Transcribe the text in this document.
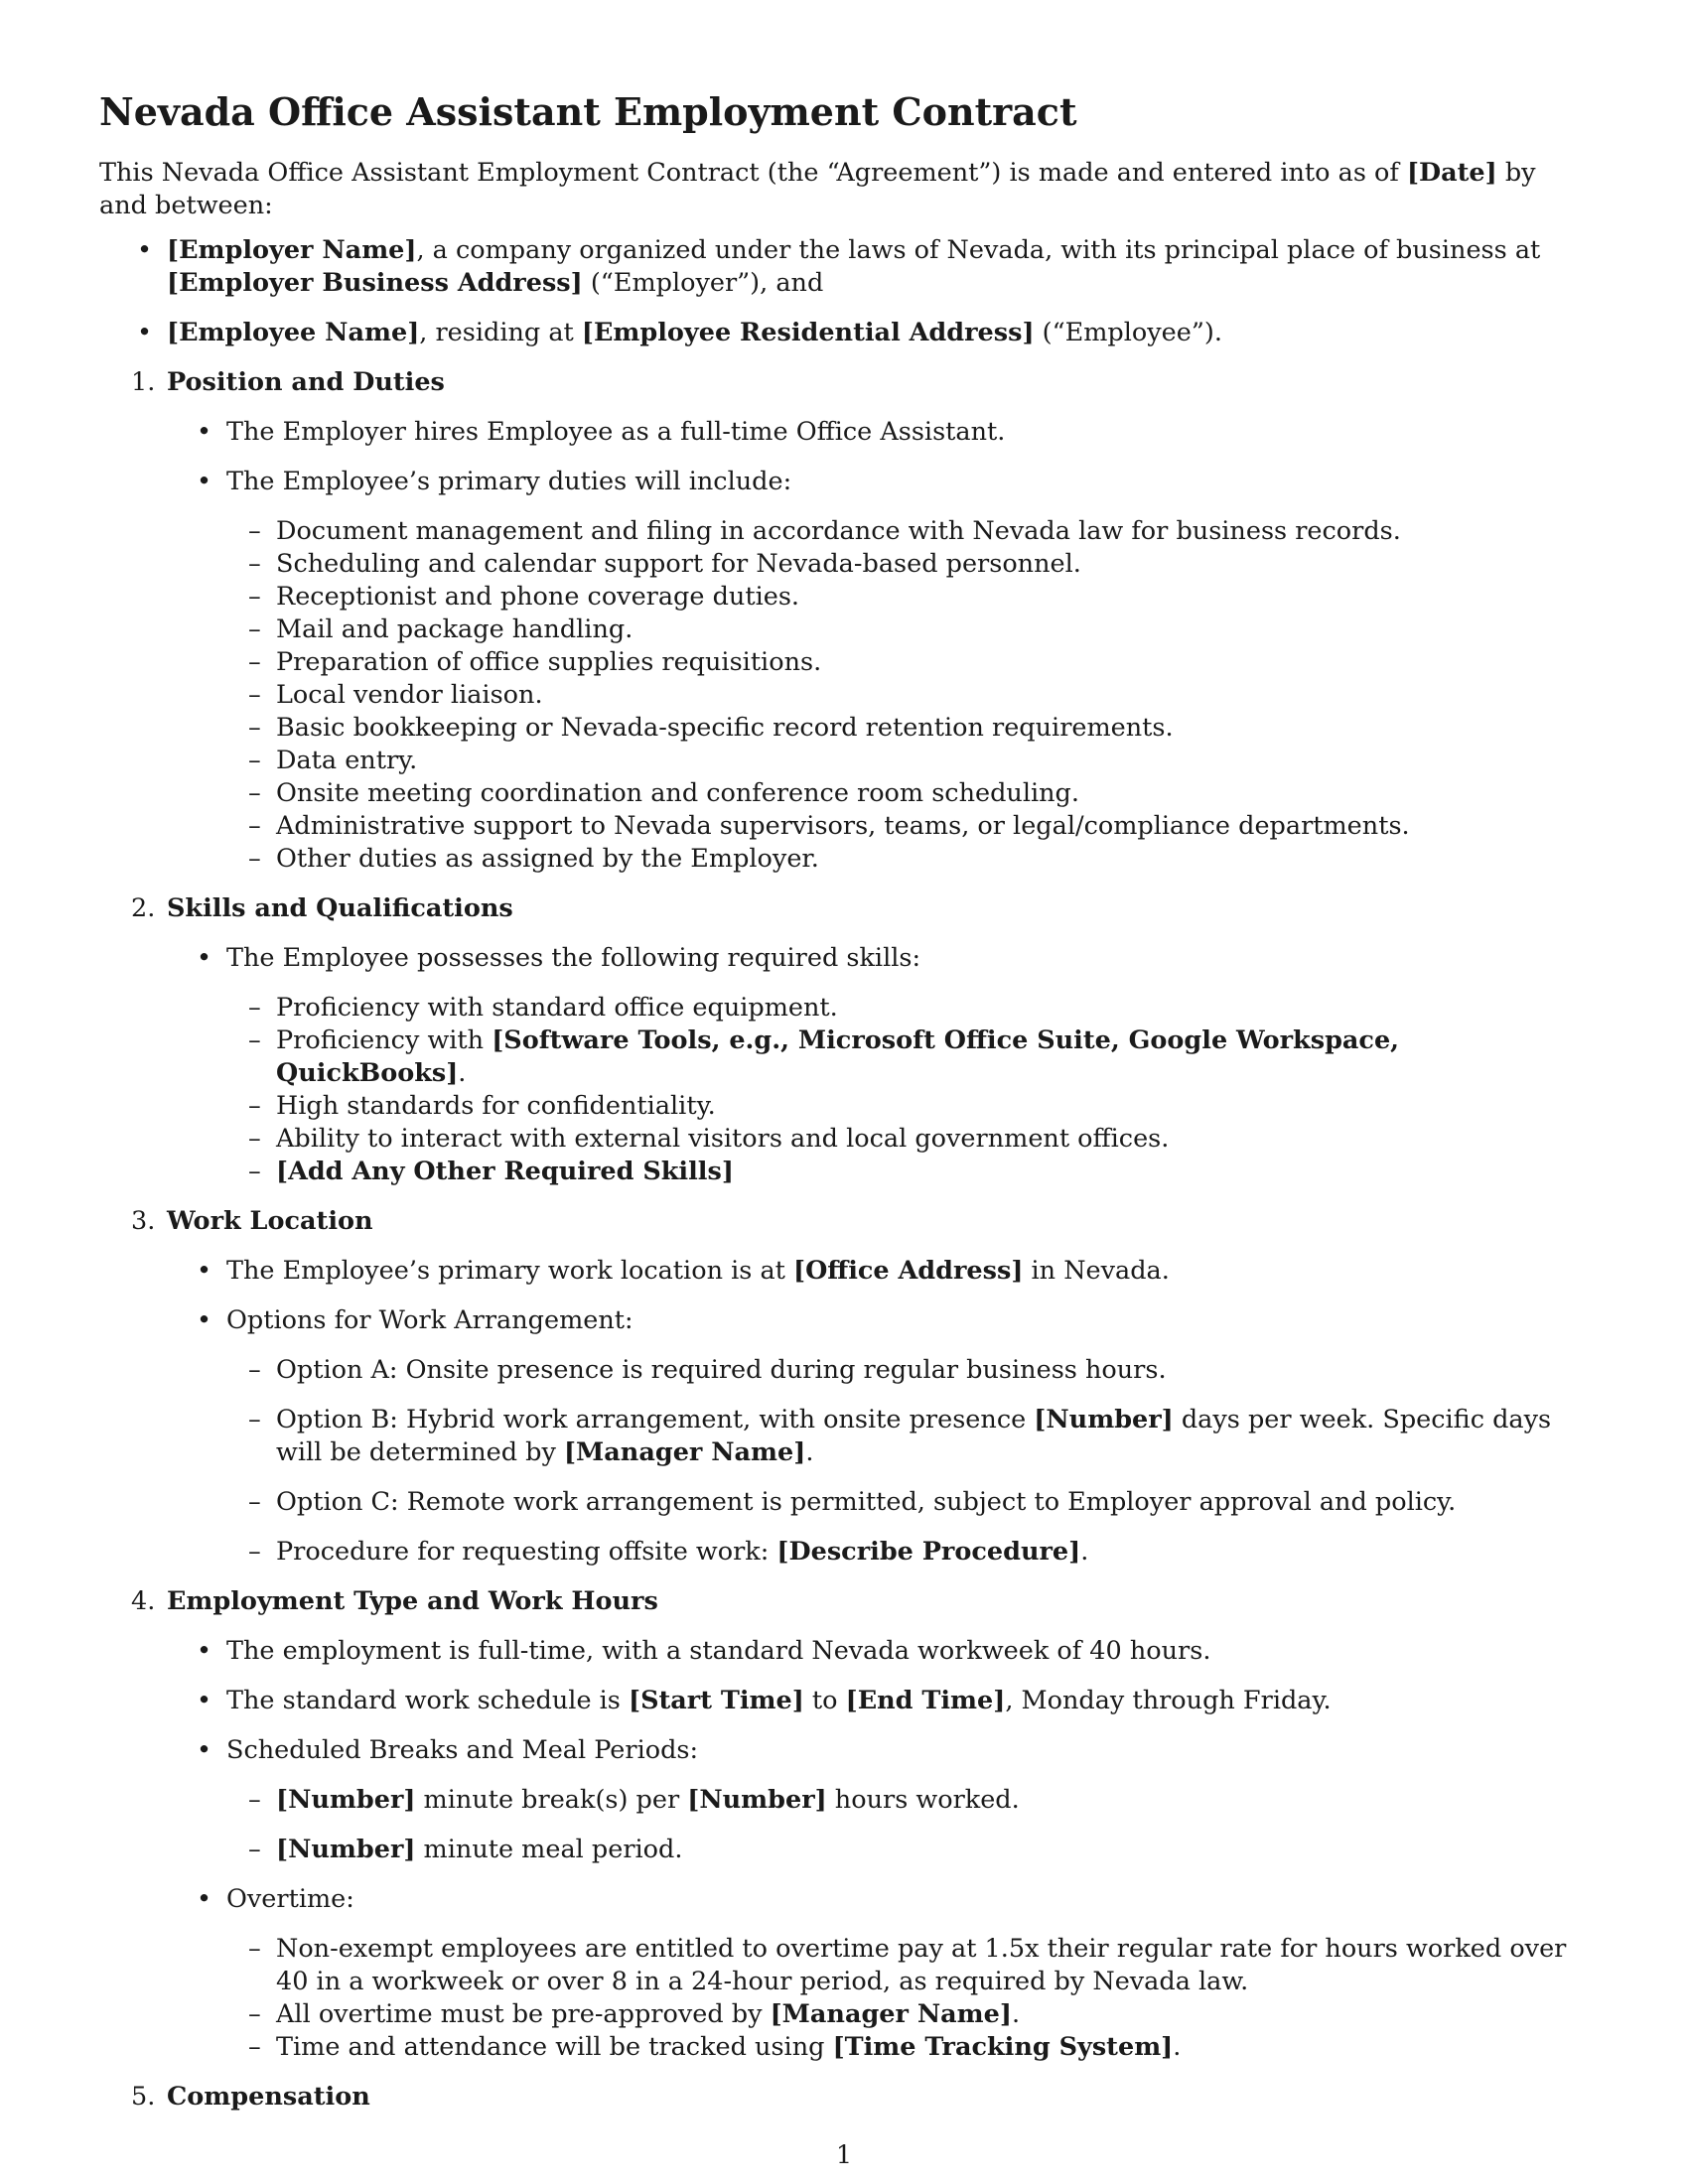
Nevada Office Assistant Employment Contract

This Nevada Office Assistant Employment Contract (the “Agreement”) is made and entered into as of [Date] by and between:

• [Employer Name], a company organized under the laws of Nevada, with its principal place of business at [Employer Business Address] (“Employer”), and
• [Employee Name], residing at [Employee Residential Address] (“Employee”).
1. Position and Duties
• The Employer hires Employee as a full-time Office Assistant.
• The Employee’s primary duties will include:
– Document management and filing in accordance with Nevada law for business records.
– Scheduling and calendar support for Nevada-based personnel.
– Receptionist and phone coverage duties.
– Mail and package handling.
– Preparation of office supplies requisitions.
– Local vendor liaison.
– Basic bookkeeping or Nevada-specific record retention requirements.
– Data entry.
– Onsite meeting coordination and conference room scheduling.
– Administrative support to Nevada supervisors, teams, or legal/compliance departments.
– Other duties as assigned by the Employer.
2. Skills and Qualifications
• The Employee possesses the following required skills:
– Proficiency with standard office equipment.
– Proficiency with [Software Tools, e.g., Microsoft Office Suite, Google Workspace, QuickBooks].
– High standards for confidentiality.
– Ability to interact with external visitors and local government offices.
– [Add Any Other Required Skills]
3. Work Location
• The Employee’s primary work location is at [Office Address] in Nevada.
• Options for Work Arrangement:
– Option A: Onsite presence is required during regular business hours.
– Option B: Hybrid work arrangement, with onsite presence [Number] days per week. Specific days will be determined by [Manager Name].
– Option C: Remote work arrangement is permitted, subject to Employer approval and policy.
– Procedure for requesting offsite work: [Describe Procedure].
4. Employment Type and Work Hours
• The employment is full-time, with a standard Nevada workweek of 40 hours.
• The standard work schedule is [Start Time] to [End Time], Monday through Friday.
• Scheduled Breaks and Meal Periods:
– [Number] minute break(s) per [Number] hours worked.
– [Number] minute meal period.
• Overtime:
– Non-exempt employees are entitled to overtime pay at 1.5x their regular rate for hours worked over 40 in a workweek or over 8 in a 24-hour period, as required by Nevada law.
– All overtime must be pre-approved by [Manager Name].
– Time and attendance will be tracked using [Time Tracking System].
5. Compensation
1
